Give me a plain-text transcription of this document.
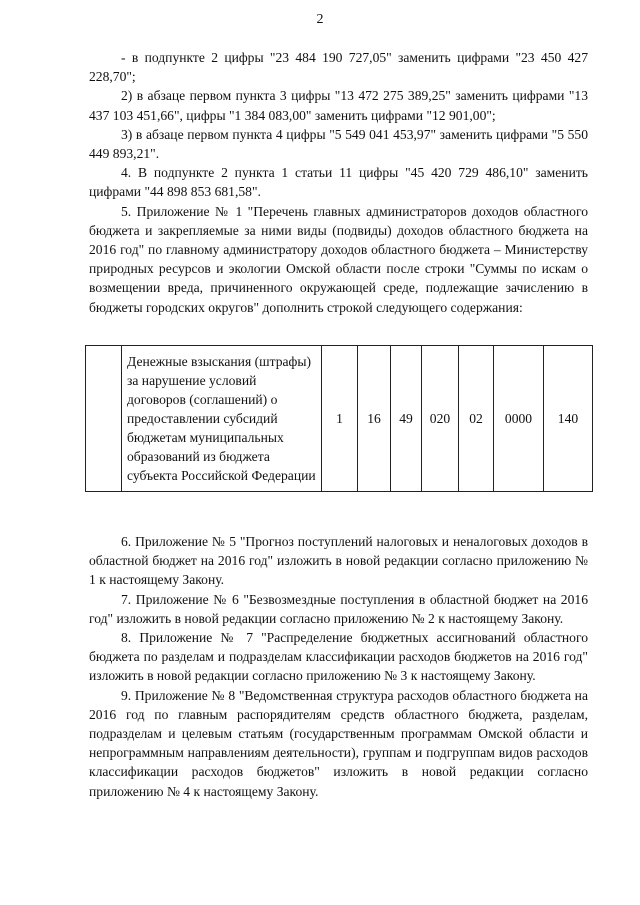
2

- в подпункте 2 цифры "23 484 190 727,05" заменить цифрами "23 450 427 228,70";

2) в абзаце первом пункта 3 цифры "13 472 275 389,25" заменить цифрами "13 437 103 451,66", цифры "1 384 083,00" заменить цифрами "12 901,00";

3) в абзаце первом пункта 4 цифры "5 549 041 453,97" заменить цифрами "5 550 449 893,21".

4. В подпункте 2 пункта 1 статьи 11 цифры "45 420 729 486,10" заменить цифрами "44 898 853 681,58".

5. Приложение № 1 "Перечень главных администраторов доходов областного бюджета и закрепляемые за ними виды (подвиды) доходов областного бюджета на 2016 год" по главному администратору доходов областного бюджета – Министерству природных ресурсов и экологии Омской области после строки "Суммы по искам о возмещении вреда, причиненного окружающей среде, подлежащие зачислению в бюджеты городских округов" дополнить строкой следующего содержания:

	Денежные взыскания (штрафы) за нарушение условий договоров (соглашений) о предоставлении субсидий бюджетам муниципальных образований из бюджета субъекта Российской Федерации	1	16	49	020	02	0000	140

6. Приложение № 5 "Прогноз поступлений налоговых и неналоговых доходов в областной бюджет на 2016 год" изложить в новой редакции согласно приложению № 1 к настоящему Закону.

7. Приложение № 6 "Безвозмездные поступления в областной бюджет на 2016 год" изложить в новой редакции согласно приложению № 2 к настоящему Закону.

8. Приложение № 7 "Распределение бюджетных ассигнований областного бюджета по разделам и подразделам классификации расходов бюджетов на 2016 год" изложить в новой редакции согласно приложению № 3 к настоящему Закону.

9. Приложение № 8 "Ведомственная структура расходов областного бюджета на 2016 год по главным распорядителям средств областного бюджета, разделам, подразделам и целевым статьям (государственным программам Омской области и непрограммным направлениям деятельности), группам и подгруппам видов расходов классификации расходов бюджетов" изложить в новой редакции согласно приложению № 4 к настоящему Закону.
